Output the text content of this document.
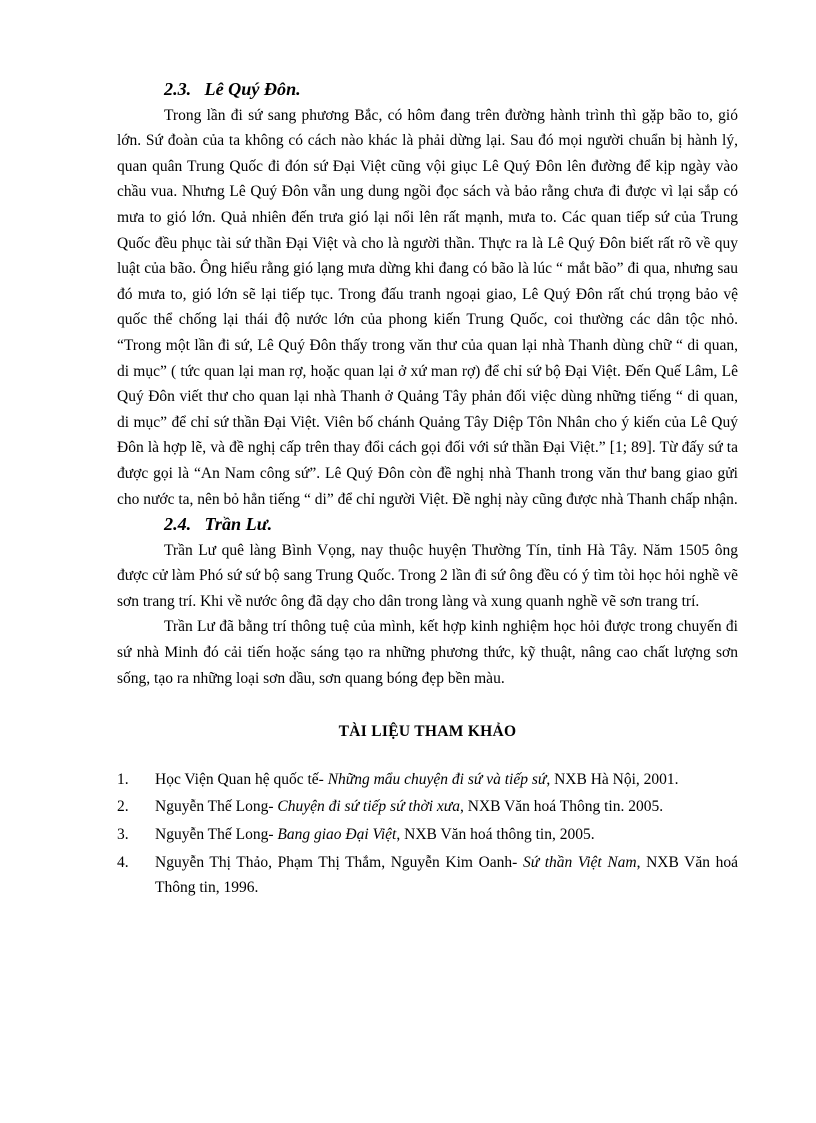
2.3. Lê Quý Đôn.

Trong lần đi sứ sang phương Bắc, có hôm đang trên đường hành trình thì gặp bão to, gió lớn. Sứ đoàn của ta không có cách nào khác là phải dừng lại. Sau đó mọi người chuẩn bị hành lý, quan quân Trung Quốc đi đón sứ Đại Việt cũng vội giục Lê Quý Đôn lên đường để kịp ngày vào chầu vua. Nhưng Lê Quý Đôn vẫn ung dung ngồi đọc sách và bảo rằng chưa đi được vì lại sắp có mưa to gió lớn. Quả nhiên đến trưa gió lại nổi lên rất mạnh, mưa to. Các quan tiếp sứ của Trung Quốc đều phục tài sứ thần Đại Việt và cho là người thần. Thực ra là Lê Quý Đôn biết rất rõ về quy luật của bão. Ông hiểu rằng gió lạng mưa dừng khi đang có bão là lúc “ mắt bão” đi qua, nhưng sau đó mưa to, gió lớn sẽ lại tiếp tục. Trong đấu tranh ngoại giao, Lê Quý Đôn rất chú trọng bảo vệ quốc thể chống lại thái độ nước lớn của phong kiến Trung Quốc, coi thường các dân tộc nhỏ. “Trong một lần đi sứ, Lê Quý Đôn thấy trong văn thư của quan lại nhà Thanh dùng chữ “ di quan, di mục” ( tức quan lại man rợ, hoặc quan lại ở xứ man rợ) để chỉ sứ bộ Đại Việt. Đến Quế Lâm, Lê Quý Đôn viết thư cho quan lại nhà Thanh ở Quảng Tây phản đối việc dùng những tiếng “ di quan, di mục” để chỉ sứ thần Đại Việt. Viên bố chánh Quảng Tây Diệp Tôn Nhân cho ý kiến của Lê Quý Đôn là hợp lẽ, và đề nghị cấp trên thay đổi cách gọi đối với sứ thần Đại Việt.” [1; 89]. Từ đấy sứ ta được gọi là “An Nam công sứ”. Lê Quý Đôn còn đề nghị nhà Thanh trong văn thư bang giao gửi cho nước ta, nên bỏ hẳn tiếng “ di” để chỉ người Việt. Đề nghị này cũng được nhà Thanh chấp nhận.

2.4. Trần Lư.

Trần Lư quê làng Bình Vọng, nay thuộc huyện Thường Tín, tỉnh Hà Tây. Năm 1505 ông được cử làm Phó sứ sứ bộ sang Trung Quốc. Trong 2 lần đi sứ ông đều có ý tìm tòi học hỏi nghề vẽ sơn trang trí. Khi về nước ông đã dạy cho dân trong làng và xung quanh nghề vẽ sơn trang trí.

Trần Lư đã bằng trí thông tuệ của mình, kết hợp kinh nghiệm học hỏi được trong chuyến đi sứ nhà Minh đó cải tiến hoặc sáng tạo ra những phương thức, kỹ thuật, nâng cao chất lượng sơn sống, tạo ra những loại sơn dầu, sơn quang bóng đẹp bền màu.

TÀI LIỆU THAM KHẢO
1. Học Viện Quan hệ quốc tế- Những mẩu chuyện đi sứ và tiếp sứ, NXB Hà Nội, 2001.
2. Nguyễn Thế Long- Chuyện đi sứ tiếp sứ thời xưa, NXB Văn hoá Thông tin. 2005.
3. Nguyễn Thế Long- Bang giao Đại Việt, NXB Văn hoá thông tin, 2005.
4. Nguyễn Thị Thảo, Phạm Thị Thắm, Nguyễn Kim Oanh- Sứ thần Việt Nam, NXB Văn hoá Thông tin, 1996.
